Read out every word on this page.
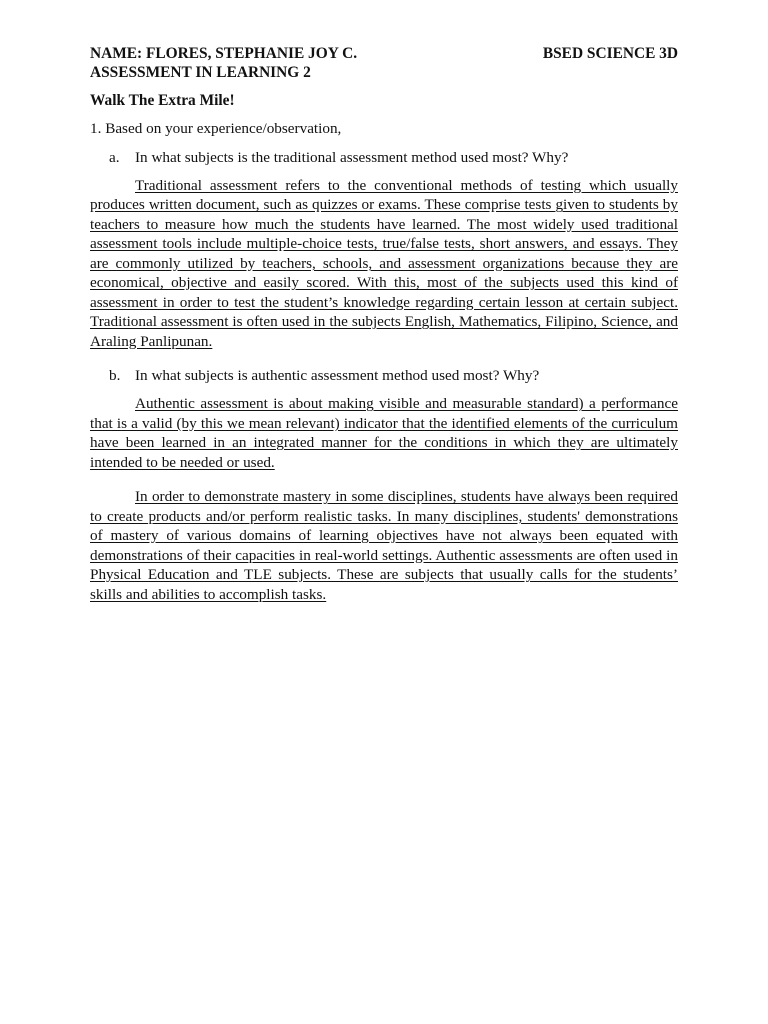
NAME: FLORES, STEPHANIE JOY C.	BSED SCIENCE 3D
ASSESSMENT IN LEARNING 2
Walk The Extra Mile!
1. Based on your experience/observation,
a.	In what subjects is the traditional assessment method used most? Why?

Traditional assessment refers to the conventional methods of testing which usually produces written document, such as quizzes or exams. These comprise tests given to students by teachers to measure how much the students have learned. The most widely used traditional assessment tools include multiple-choice tests, true/false tests, short answers, and essays. They are commonly utilized by teachers, schools, and assessment organizations because they are economical, objective and easily scored. With this, most of the subjects used this kind of assessment in order to test the student’s knowledge regarding certain lesson at certain subject. Traditional assessment is often used in the subjects English, Mathematics, Filipino, Science, and Araling Panlipunan.

b. In what subjects is authentic assessment method used most? Why?

Authentic assessment is about making visible and measurable standard) a performance that is a valid (by this we mean relevant) indicator that the identified elements of the curriculum have been learned in an integrated manner for the conditions in which they are ultimately intended to be needed or used.

In order to demonstrate mastery in some disciplines, students have always been required to create products and/or perform realistic tasks. In many disciplines, students' demonstrations of mastery of various domains of learning objectives have not always been equated with demonstrations of their capacities in real-world settings. Authentic assessments are often used in Physical Education and TLE subjects. These are subjects that usually calls for the students’ skills and abilities to accomplish tasks.
